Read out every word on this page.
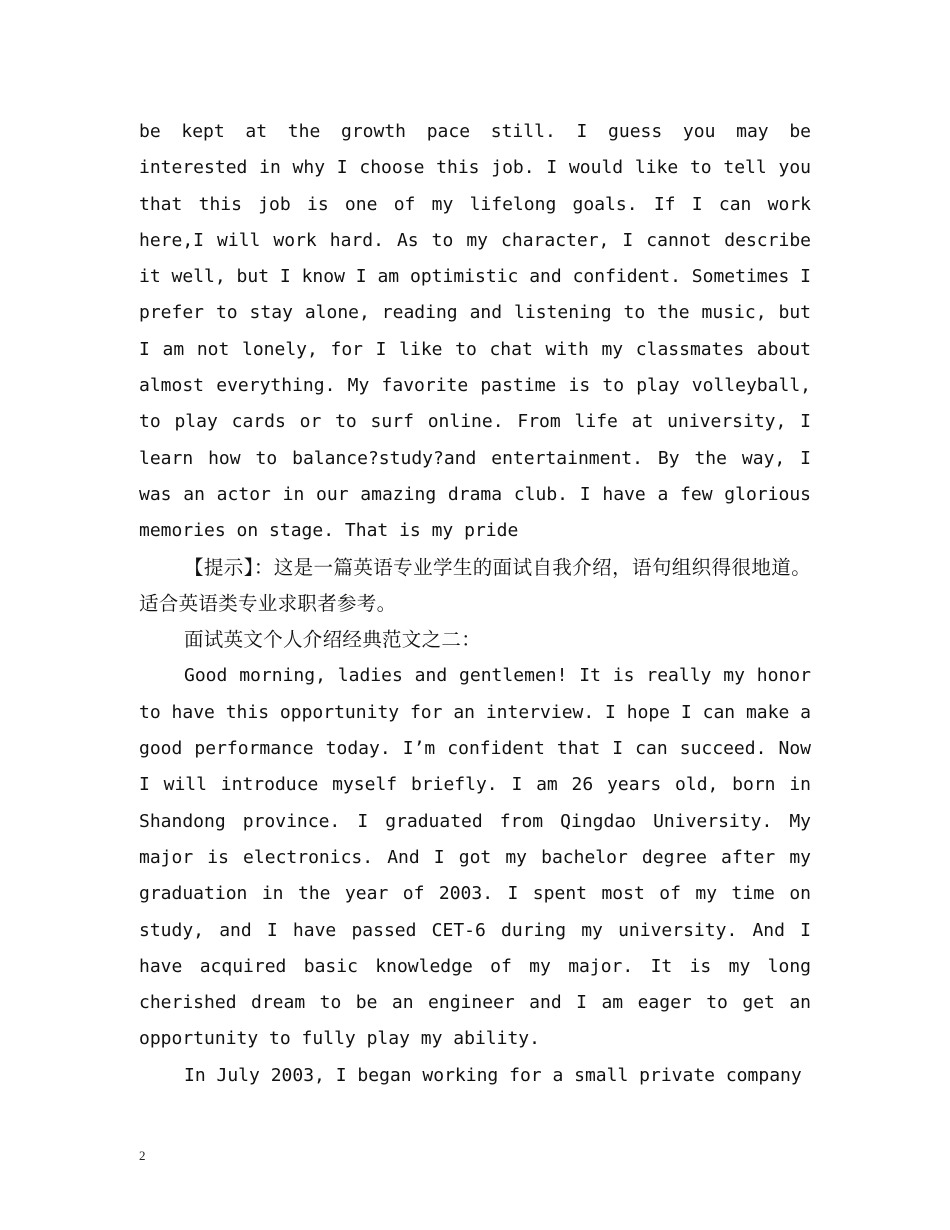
be kept at the growth pace still. I guess you may be interested in why I choose this job. I would like to tell you that this job is one of my lifelong goals. If I can work here,I will work hard. As to my character, I cannot describe it well, but I know I am optimistic and confident. Sometimes I prefer to stay alone, reading and listening to the music, but I am not lonely, for I like to chat with my classmates about almost everything. My favorite pastime is to play volleyball, to play cards or to surf online. From life at university, I learn how to balance?study?and entertainment. By the way, I was an actor in our amazing drama club. I have a few glorious memories on stage. That is my pride

【提示】：这是一篇英语专业学生的面试自我介绍，语句组织得很地道。适合英语类专业求职者参考。

面试英文个人介绍经典范文之二：

Good morning, ladies and gentlemen! It is really my honor to have this opportunity for an interview. I hope I can make a good performance today. I’m confident that I can succeed. Now I will introduce myself briefly. I am 26 years old, born in Shandong province. I graduated from Qingdao University. My major is electronics. And I got my bachelor degree after my graduation in the year of 2003. I spent most of my time on study, and I have passed CET-6 during my university. And I have acquired basic knowledge of my major. It is my long cherished dream to be an engineer and I am eager to get an opportunity to fully play my ability.

In July 2003, I began working for a small private company

2
